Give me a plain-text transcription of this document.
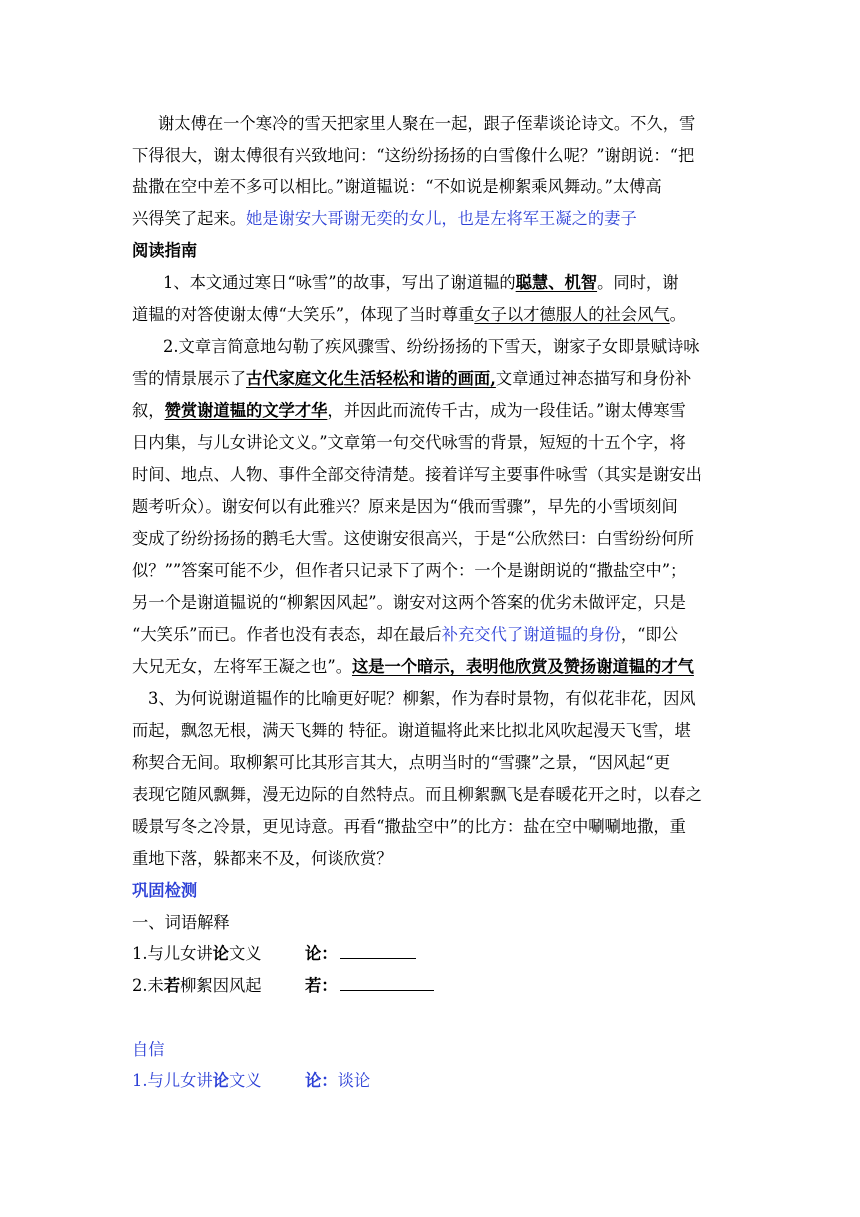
谢太傅在一个寒冷的雪天把家里人聚在一起，跟子侄辈谈论诗文。不久，雪
下得很大，谢太傅很有兴致地问：“这纷纷扬扬的白雪像什么呢？”谢朗说：“把
盐撒在空中差不多可以相比。”谢道韫说：“不如说是柳絮乘风舞动。”太傅高
兴得笑了起来。她是谢安大哥谢无奕的女儿，也是左将军王凝之的妻子
阅读指南
1、本文通过寒日“咏雪”的故事，写出了谢道韫的聪慧、机智。同时，谢
道韫的对答使谢太傅“大笑乐”，体现了当时尊重女子以才德服人的社会风气。
2.文章言简意地勾勒了疾风骤雪、纷纷扬扬的下雪天，谢家子女即景赋诗咏
雪的情景展示了古代家庭文化生活轻松和谐的画面,文章通过神态描写和身份补
叙，赞赏谢道韫的文学才华，并因此而流传千古，成为一段佳话。”谢太傅寒雪
日内集，与儿女讲论文义。”文章第一句交代咏雪的背景，短短的十五个字，将
时间、地点、人物、事件全部交待清楚。接着详写主要事件咏雪（其实是谢安出
题考听众）。谢安何以有此雅兴？原来是因为“俄而雪骤”，早先的小雪顷刻间
变成了纷纷扬扬的鹅毛大雪。这使谢安很高兴，于是“公欣然曰：白雪纷纷何所
似？””答案可能不少，但作者只记录下了两个：一个是谢朗说的“撒盐空中”；
另一个是谢道韫说的“柳絮因风起”。谢安对这两个答案的优劣未做评定，只是
“大笑乐”而已。作者也没有表态，却在最后补充交代了谢道韫的身份，“即公
大兄无女，左将军王凝之也”。这是一个暗示，表明他欣赏及赞扬谢道韫的才气
3、为何说谢道韫作的比喻更好呢？柳絮，作为春时景物，有似花非花，因风
而起，飘忽无根，满天飞舞的 特征。谢道韫将此来比拟北风吹起漫天飞雪，堪
称契合无间。取柳絮可比其形言其大，点明当时的“雪骤”之景，“因风起“更
表现它随风飘舞，漫无边际的自然特点。而且柳絮飘飞是春暖花开之时，以春之
暖景写冬之冷景，更见诗意。再看“撒盐空中”的比方：盐在空中唰唰地撒，重
重地下落，躲都来不及，何谈欣赏？
巩固检测
一、词语解释
1.与儿女讲论文义	论：
2.未若柳絮因风起	若：
自信
1.与儿女讲论文义	论：谈论
